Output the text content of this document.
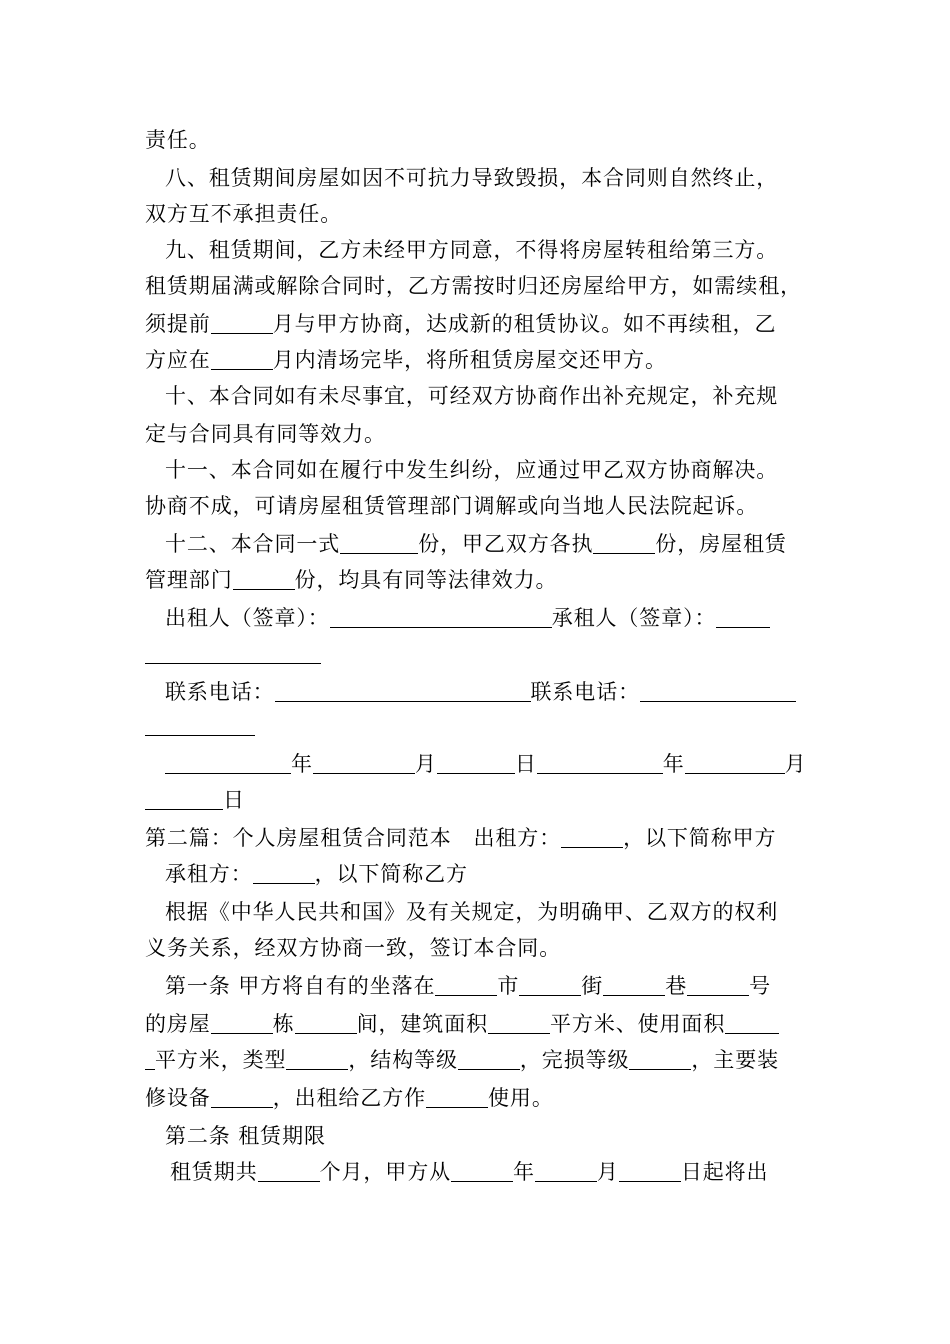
责任。
八、租赁期间房屋如因不可抗力导致毁损，本合同则自然终止，
双方互不承担责任。
九、租赁期间，乙方未经甲方同意，不得将房屋转租给第三方。
租赁期届满或解除合同时，乙方需按时归还房屋给甲方，如需续租，
须提前	月与甲方协商，达成新的租赁协议。如不再续租，乙
方应在	月内清场完毕，将所租赁房屋交还甲方。
十、本合同如有未尽事宜，可经双方协商作出补充规定，补充规
定与合同具有同等效力。
十一、本合同如在履行中发生纠纷，应通过甲乙双方协商解决。
协商不成，可请房屋租赁管理部门调解或向当地人民法院起诉。
十二、本合同一式	份，甲乙双方各执	份，房屋租赁
管理部门	份，均具有同等法律效力。
出租人（签章）：	承租人（签章）：
联系电话：	联系电话：
年	月	日	年	月
日
第二篇：个人房屋租赁合同范本　出租方：	，以下简称甲方
承租方：	，以下简称乙方
根据《中华人民共和国》及有关规定，为明确甲、乙双方的权利
义务关系，经双方协商一致，签订本合同。
第一条 甲方将自有的坐落在	市	街	巷	号
的房屋	栋	间，建筑面积	平方米、使用面积
平方米，类型	，结构等级	，完损等级	，主要装
修设备	，出租给乙方作	使用。
第二条 租赁期限
租赁期共	个月，甲方从	年	月	日起将出
